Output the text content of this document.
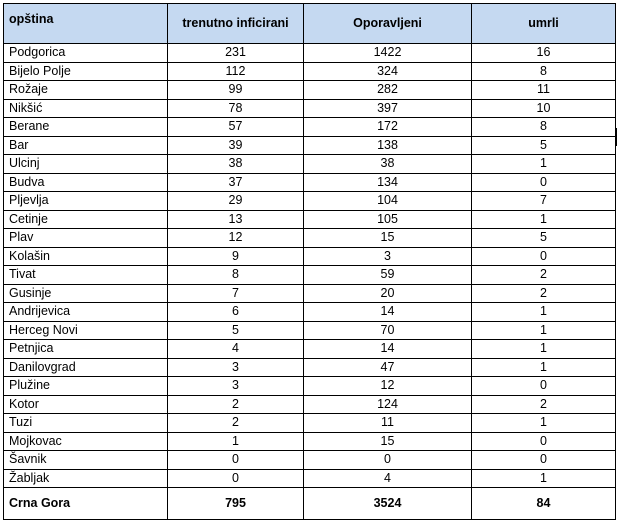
opština	trenutno inficirani	Oporavljeni	umrli
Podgorica	231	1422	16
Bijelo Polje	112	324	8
Rožaje	99	282	11
Nikšić	78	397	10
Berane	57	172	8
Bar	39	138	5
Ulcinj	38	38	1
Budva	37	134	0
Pljevlja	29	104	7
Cetinje	13	105	1
Plav	12	15	5
Kolašin	9	3	0
Tivat	8	59	2
Gusinje	7	20	2
Andrijevica	6	14	1
Herceg Novi	5	70	1
Petnjica	4	14	1
Danilovgrad	3	47	1
Plužine	3	12	0
Kotor	2	124	2
Tuzi	2	11	1
Mojkovac	1	15	0
Šavnik	0	0	0
Žabljak	0	4	1
Crna Gora	795	3524	84
